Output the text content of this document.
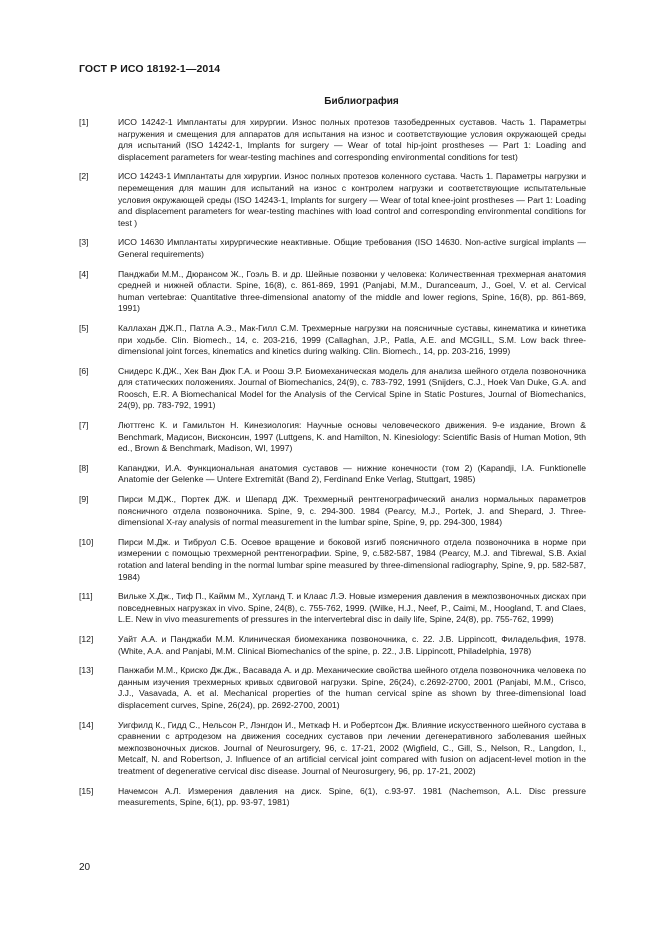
ГОСТ Р ИСО 18192-1—2014
Библиография
[1]	ИСО 14242-1 Имплантаты для хирургии. Износ полных протезов тазобедренных суставов. Часть 1. Параметры нагружения и смещения для аппаратов для испытания на износ и соответствующие условия окружающей среды для испытаний (ISO 14242-1, Implants for surgery — Wear of total hip-joint prostheses — Part 1: Loading and displacement parameters for wear-testing machines and corresponding environmental conditions for test)
[2]	ИСО 14243-1 Имплантаты для хирургии. Износ полных протезов коленного сустава. Часть 1. Параметры нагрузки и перемещения для машин для испытаний на износ с контролем нагрузки и соответствующие испытательные условия окружающей среды (ISO 14243-1, Implants for surgery — Wear of total knee-joint prostheses — Part 1: Loading and displacement parameters for wear-testing machines with load control and corresponding environmental conditions for test )
[3]	ИСО 14630 Имплантаты хирургические неактивные. Общие требования (ISO 14630. Non-active surgical implants — General requirements)
[4]	Панджаби М.М., Дюрансом Ж., Гоэль В. и др. Шейные позвонки у человека: Количественная трехмерная анатомия средней и нижней области. Spine, 16(8), с. 861-869, 1991 (Panjabi, M.M., Duranceaum, J., Goel, V. et al. Cervical human vertebrae: Quantitative three-dimensional anatomy of the middle and lower regions, Spine, 16(8), pp. 861-869, 1991)
[5]	Каллахан ДЖ.П., Патла А.Э., Мак-Гилл С.М. Трехмерные нагрузки на поясничные суставы, кинематика и кинетика при ходьбе. Clin. Biomech., 14, с. 203-216, 1999 (Callaghan, J.P., Patla, A.E. and MCGILL, S.M. Low back three-dimensional joint forces, kinematics and kinetics during walking. Clin. Biomech., 14, pp. 203-216, 1999)
[6]	Снидерс К.ДЖ., Хек Ван Дюк Г.А. и Роош Э.Р. Биомеханическая модель для анализа шейного отдела позвоночника для статических положениях. Journal of Biomechanics, 24(9), с. 783-792, 1991 (Snijders, C.J., Hoek Van Duke, G.A. and Roosch, E.R. A Biomechanical Model for the Analysis of the Cervical Spine in Static Postures, Journal of Biomechanics, 24(9), pp. 783-792, 1991)
[7]	Люттгенс К. и Гамильтон Н. Кинезиология: Научные основы человеческого движения. 9-е издание, Brown & Benchmark, Мадисон, Висконсин, 1997 (Luttgens, K. and Hamilton, N. Kinesiology: Scientific Basis of Human Motion, 9th ed., Brown & Benchmark, Madison, WI, 1997)
[8]	Капанджи, И.А. Функциональная анатомия суставов — нижние конечности (том 2) (Kapandji, I.A. Funktionelle Anatomie der Gelenke — Untere Extremität (Band 2), Ferdinand Enke Verlag, Stuttgart, 1985)
[9]	Пирси М.ДЖ., Портек ДЖ. и Шепард ДЖ. Трехмерный рентгенографический анализ нормальных параметров поясничного отдела позвоночника. Spine, 9, с. 294-300. 1984 (Pearcy, M.J., Portek, J. and Shepard, J. Three-dimensional X-ray analysis of normal measurement in the lumbar spine, Spine, 9, pp. 294-300, 1984)
[10]	Пирси М.Дж. и Тибруол С.Б. Осевое вращение и боковой изгиб поясничного отдела позвоночника в норме при измерении с помощью трехмерной рентгенографии. Spine, 9, с.582-587, 1984 (Pearcy, M.J. and Tibrewal, S.B. Axial rotation and lateral bending in the normal lumbar spine measured by three-dimensional radiography, Spine, 9, pp. 582-587, 1984)
[11]	Вильке Х.Дж., Тиф П., Каймм М., Хугланд Т. и Клаас Л.Э. Новые измерения давления в межпозвоночных дисках при повседневных нагрузках in vivo. Spine, 24(8), с. 755-762, 1999. (Wilke, H.J., Neef, P., Caimi, M., Hoogland, T. and Claes, L.E. New in vivo measurements of pressures in the intervertebral disc in daily life, Spine, 24(8), pp. 755-762, 1999)
[12]	Уайт А.А. и Панджаби М.М. Клиническая биомеханика позвоночника, с. 22. J.B. Lippincott, Филадельфия, 1978. (White, A.A. and Panjabi, M.M. Clinical Biomechanics of the spine, p. 22., J.B. Lippincott, Philadelphia, 1978)
[13]	Панжаби М.М., Криско Дж.Дж., Васавада А. и др. Механические свойства шейного отдела позвоночника человека по данным изучения трехмерных кривых сдвиговой нагрузки. Spine, 26(24), с.2692-2700, 2001 (Panjabi, M.M., Crisco, J.J., Vasavada, A. et al. Mechanical properties of the human cervical spine as shown by three-dimensional load displacement curves, Spine, 26(24), pp. 2692-2700, 2001)
[14]	Уигфилд К., Гидд С., Нельсон Р., Лэнгдон И., Меткаф Н. и Робертсон Дж. Влияние искусственного шейного сустава в сравнении с артродезом на движения соседних суставов при лечении дегенеративного заболевания шейных межпозвоночных дисков. Journal of Neurosurgery, 96, с. 17-21, 2002 (Wigfield, C., Gill, S., Nelson, R., Langdon, I., Metcalf, N. and Robertson, J. Influence of an artificial cervical joint compared with fusion on adjacent-level motion in the treatment of degenerative cervical disc disease. Journal of Neurosurgery, 96, pp. 17-21, 2002)
[15]	Начемсон А.Л. Измерения давления на диск. Spine, 6(1), с.93-97. 1981 (Nachemson, A.L. Disc pressure measurements, Spine, 6(1), pp. 93-97, 1981)
20
